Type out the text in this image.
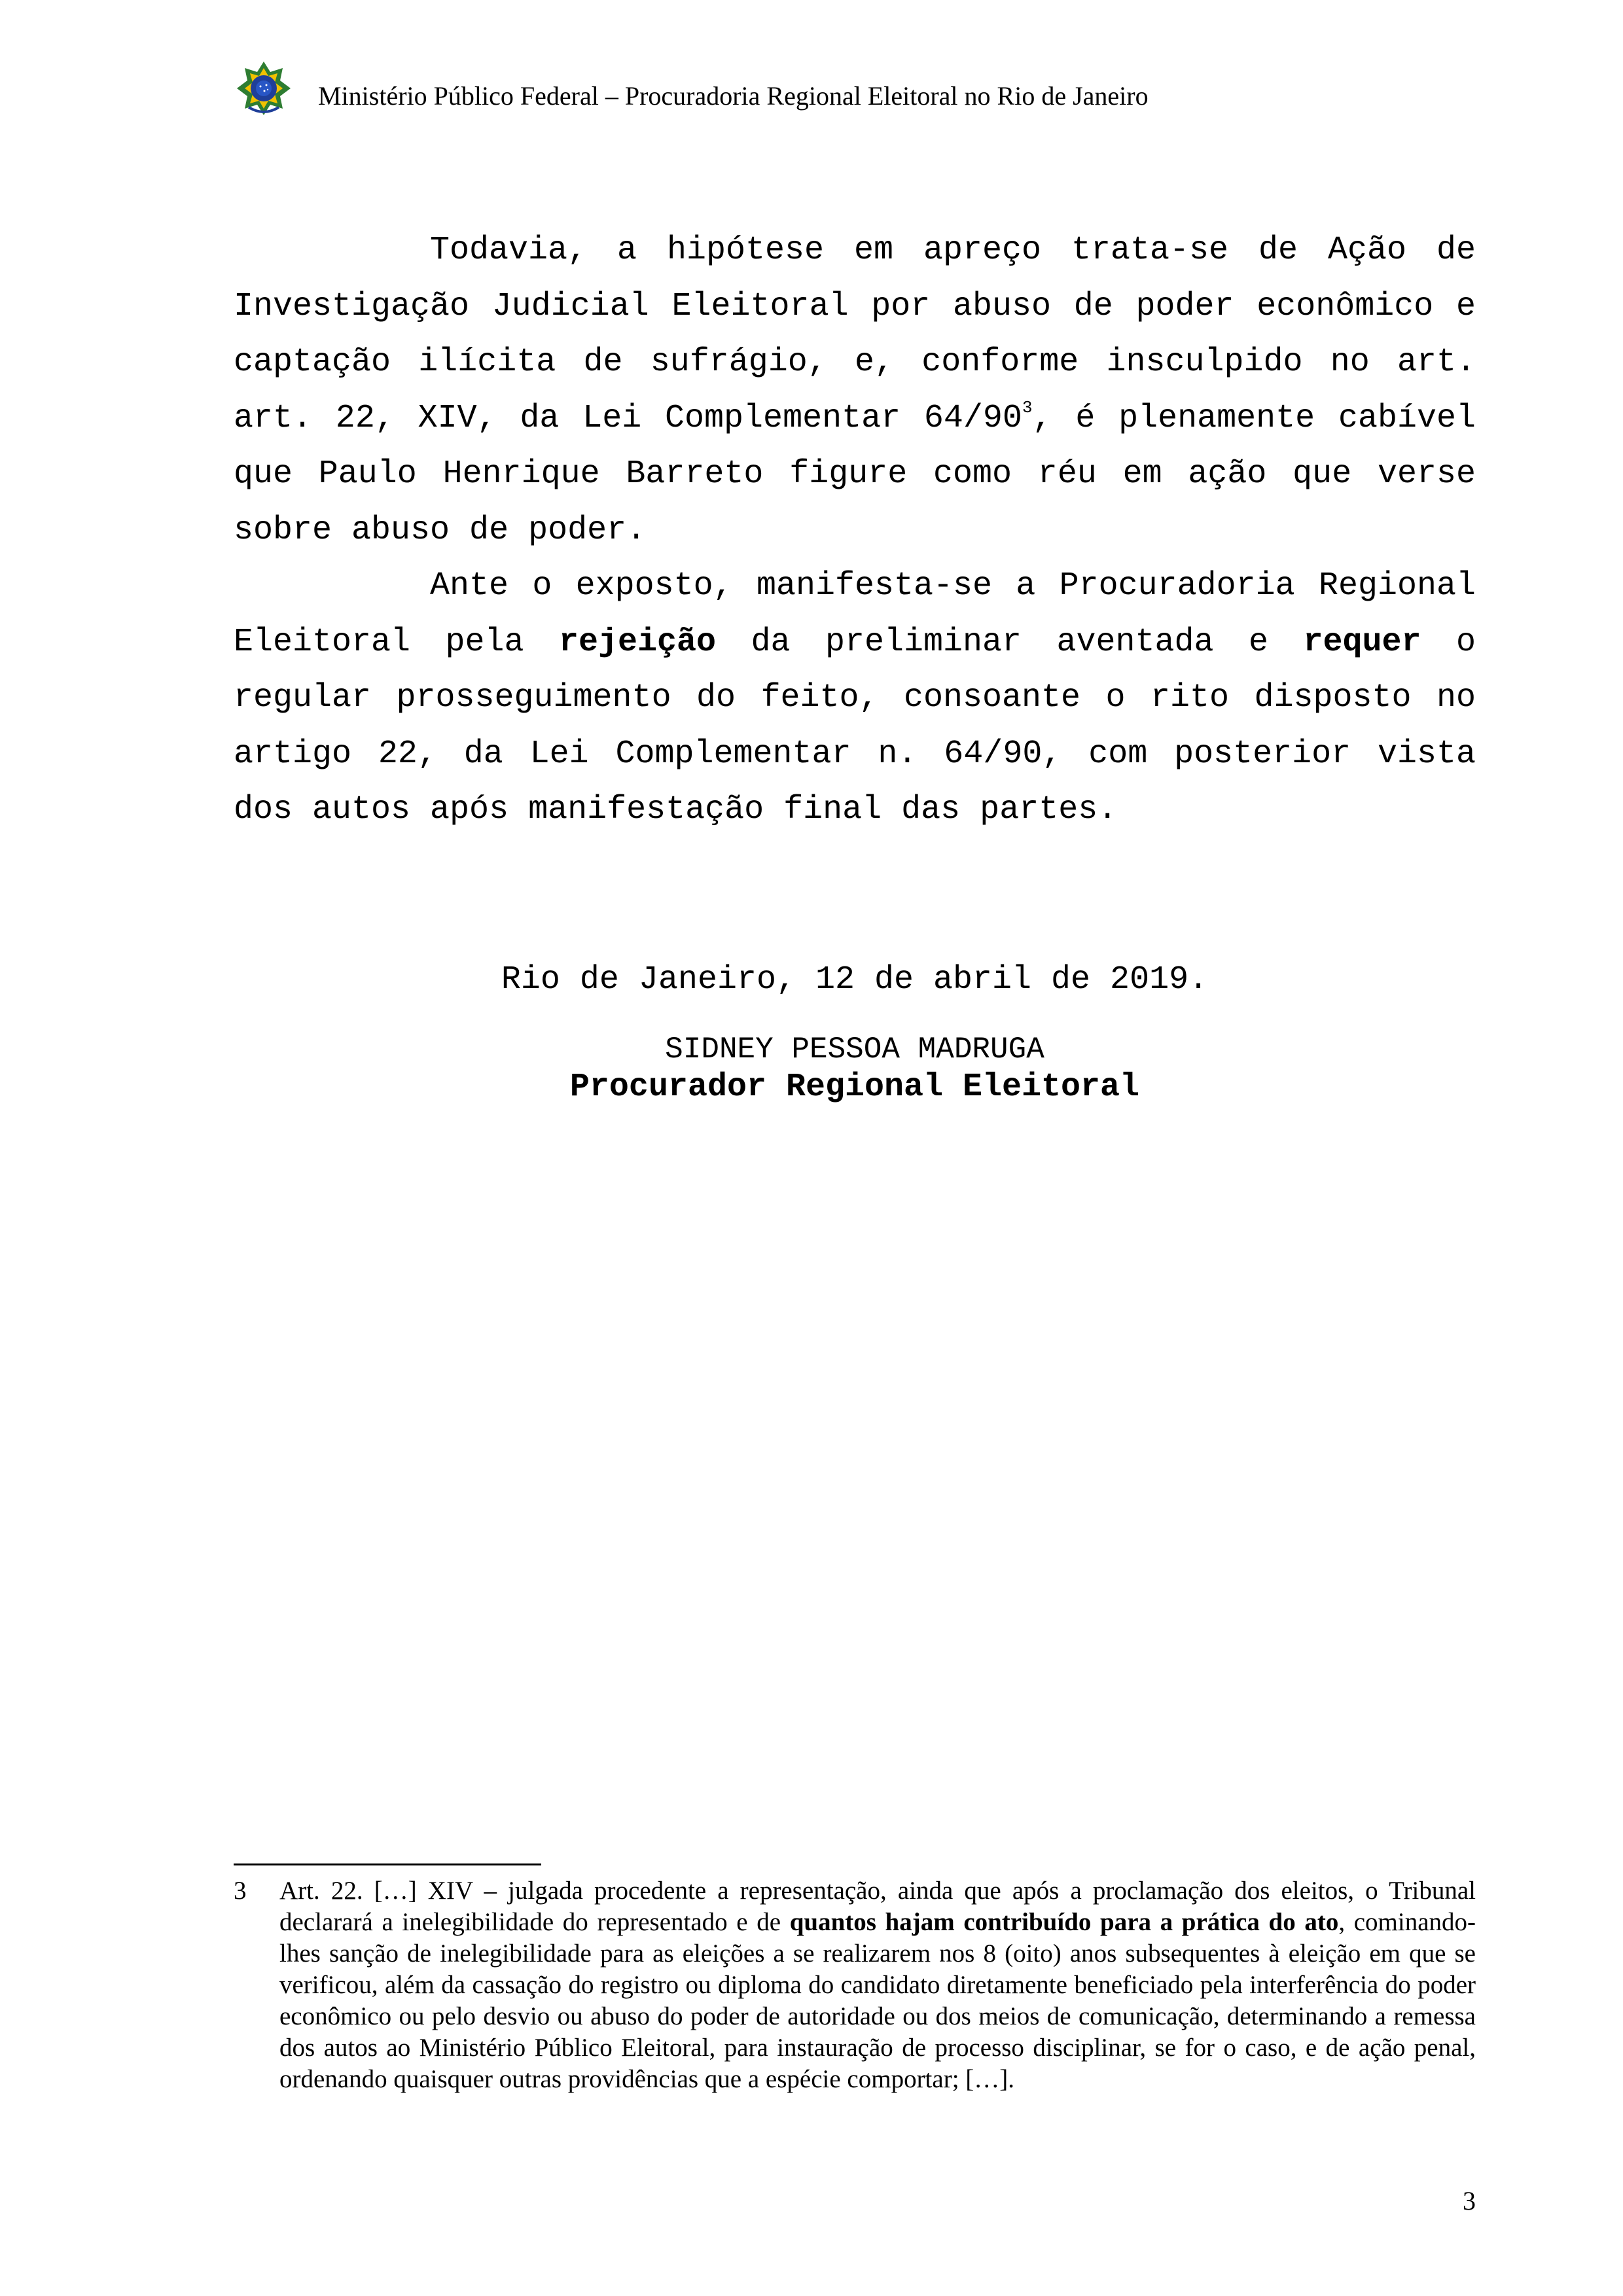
Ministério Público Federal – Procuradoria Regional Eleitoral no Rio de Janeiro

Todavia, a hipótese em apreço trata-se de Ação de Investigação Judicial Eleitoral por abuso de poder econômico e captação ilícita de sufrágio, e, conforme insculpido no art. art. 22, XIV, da Lei Complementar $64/90^3$, é plenamente cabível que Paulo Henrique Barreto figure como réu em ação que verse sobre abuso de poder.

Ante o exposto, manifesta-se a Procuradoria Regional Eleitoral pela rejeição da preliminar aventada e requer o regular prosseguimento do feito, consoante o rito disposto no artigo 22, da Lei Complementar n. 64/90, com posterior vista dos autos após manifestação final das partes.

Rio de Janeiro, 12 de abril de 2019.
SIDNEY PESSOA MADRUGA
Procurador Regional Eleitoral
3	Art. 22. […] XIV – julgada procedente a representação, ainda que após a proclamação dos eleitos, o Tribunal declarará a inelegibilidade do representado e de quantos hajam contribuído para a prática do ato, cominando-lhes sanção de inelegibilidade para as eleições a se realizarem nos 8 (oito) anos subsequentes à eleição em que se verificou, além da cassação do registro ou diploma do candidato diretamente beneficiado pela interferência do poder econômico ou pelo desvio ou abuso do poder de autoridade ou dos meios de comunicação, determinando a remessa dos autos ao Ministério Público Eleitoral, para instauração de processo disciplinar, se for o caso, e de ação penal, ordenando quaisquer outras providências que a espécie comportar; […].
3
